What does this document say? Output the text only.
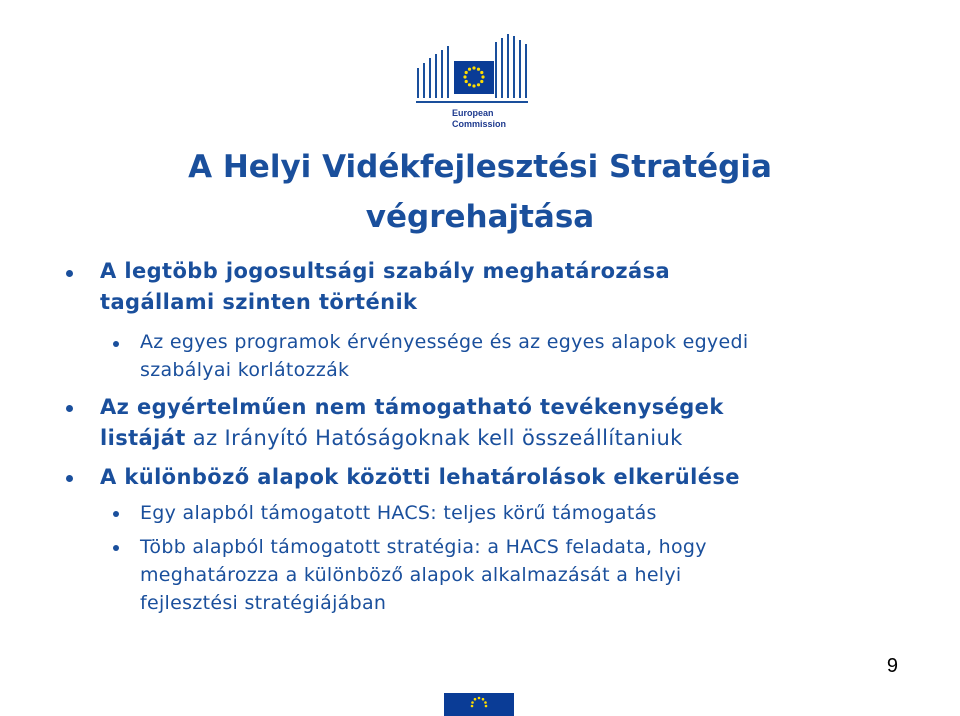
European
Commission
A Helyi Vidékfejlesztési Stratégia
végrehajtása
A legtöbb jogosultsági szabály meghatározása
tagállami szinten történik
Az egyes programok érvényessége és az egyes alapok egyedi
szabályai korlátozzák
Az egyértelműen nem támogatható tevékenységek
listáját az Irányító Hatóságoknak kell összeállítaniuk
A különböző alapok közötti lehatárolások elkerülése
Egy alapból támogatott HACS: teljes körű támogatás
Több alapból támogatott stratégia: a HACS feladata, hogy
meghatározza a különböző alapok alkalmazását a helyi
fejlesztési stratégiájában
9
